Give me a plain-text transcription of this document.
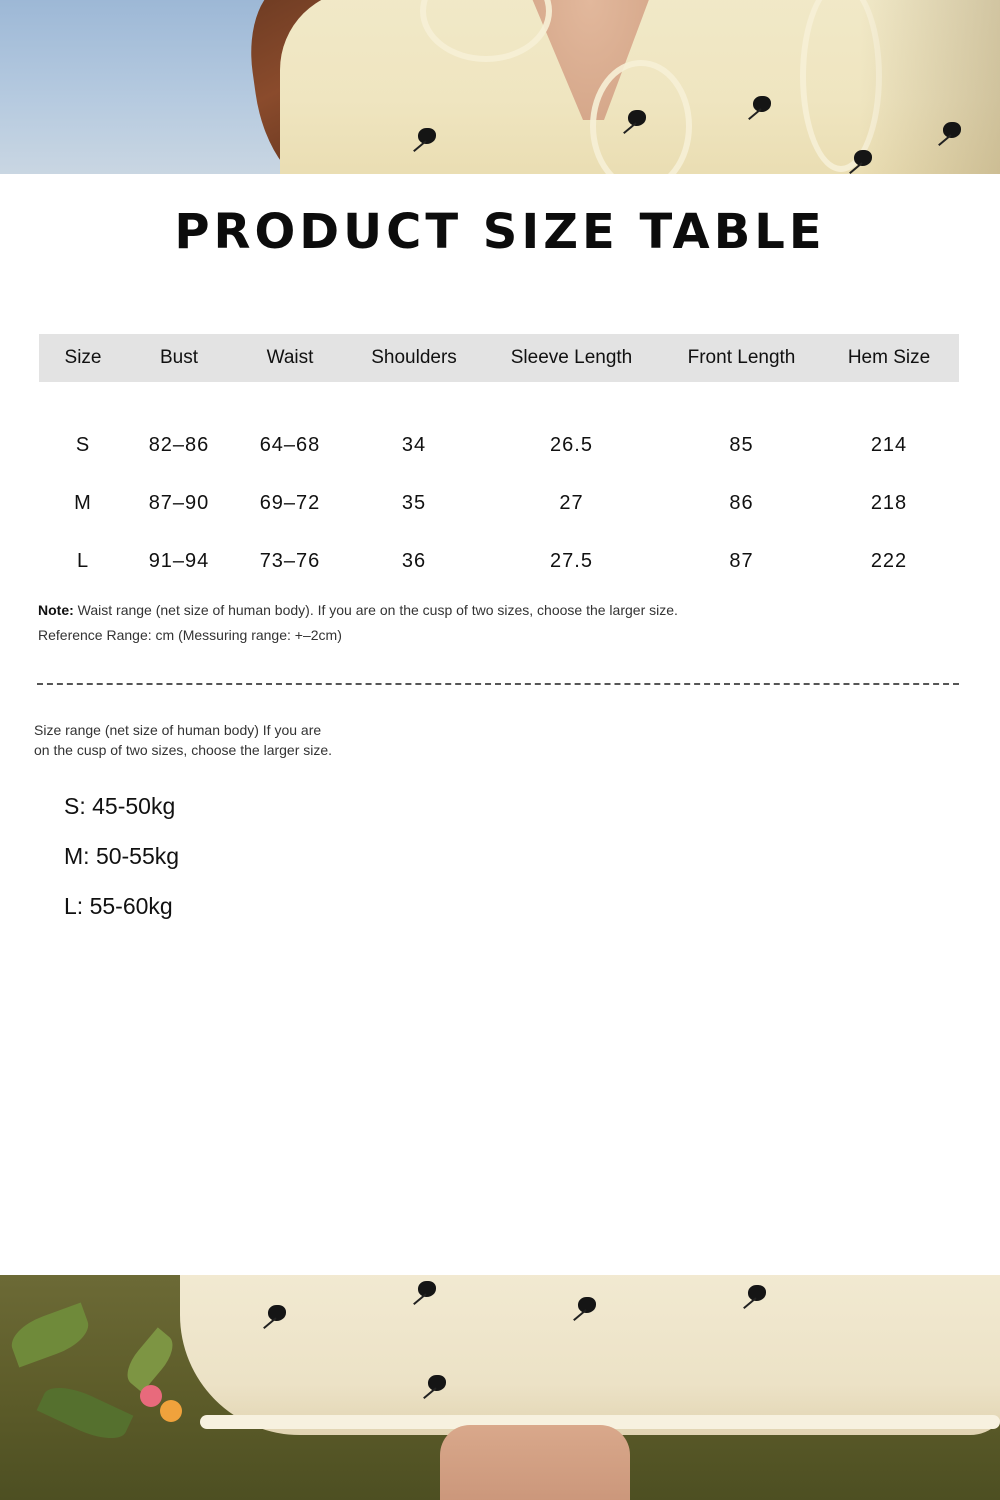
PRODUCT SIZE TABLE
Size	Bust	Waist	Shoulders	Sleeve Length	Front Length	Hem Size
S	82–86	64–68	34	26.5	85	214
M	87–90	69–72	35	27	86	218
L	91–94	73–76	36	27.5	87	222
Note: Waist range (net size of human body). If you are on the cusp of two sizes, choose the larger size.
Reference Range: cm (Messuring range: +–2cm)
Size range (net size of human body) If you are
on the cusp of two sizes, choose the larger size.
S: 45-50kg
M: 50-55kg
L: 55-60kg
